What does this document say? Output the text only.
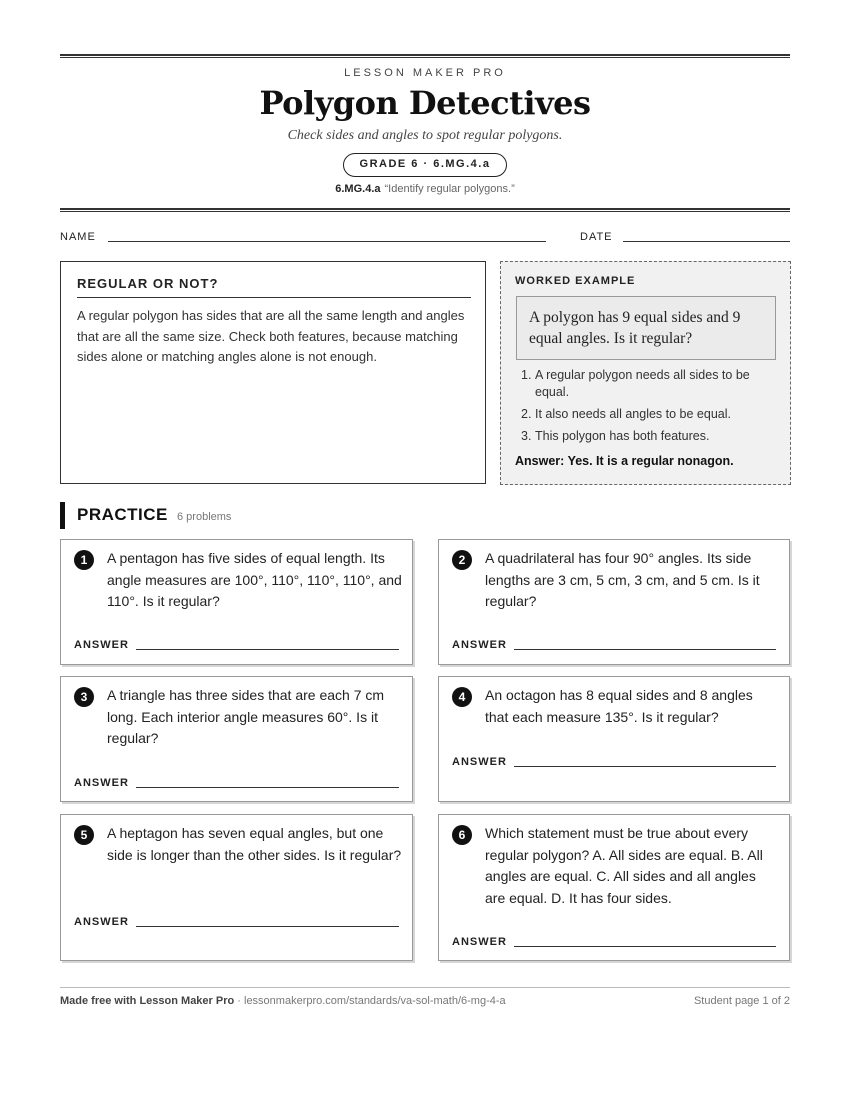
LESSON MAKER PRO
Polygon Detectives
Check sides and angles to spot regular polygons.
GRADE 6 · 6.MG.4.a
6.MG.4.a “Identify regular polygons.”
NAME	DATE
REGULAR OR NOT?
A regular polygon has sides that are all the same length and angles that are all the same size. Check both features, because matching sides alone or matching angles alone is not enough.
WORKED EXAMPLE
A polygon has 9 equal sides and 9 equal angles. Is it regular?
1. A regular polygon needs all sides to be equal.
2. It also needs all angles to be equal.
3. This polygon has both features.
Answer: Yes. It is a regular nonagon.
PRACTICE 6 problems
1	A pentagon has five sides of equal length. Its angle measures are 100°, 110°, 110°, 110°, and 110°. Is it regular?
ANSWER
2	A quadrilateral has four 90° angles. Its side lengths are 3 cm, 5 cm, 3 cm, and 5 cm. Is it regular?
ANSWER
3	A triangle has three sides that are each 7 cm long. Each interior angle measures 60°. Is it regular?
ANSWER
4	An octagon has 8 equal sides and 8 angles that each measure 135°. Is it regular?
ANSWER
5	A heptagon has seven equal angles, but one side is longer than the other sides. Is it regular?
ANSWER
6	Which statement must be true about every regular polygon? A. All sides are equal. B. All angles are equal. C. All sides and all angles are equal. D. It has four sides.
ANSWER
Made free with Lesson Maker Pro · lessonmakerpro.com/standards/va-sol-math/6-mg-4-a	Student page 1 of 2
